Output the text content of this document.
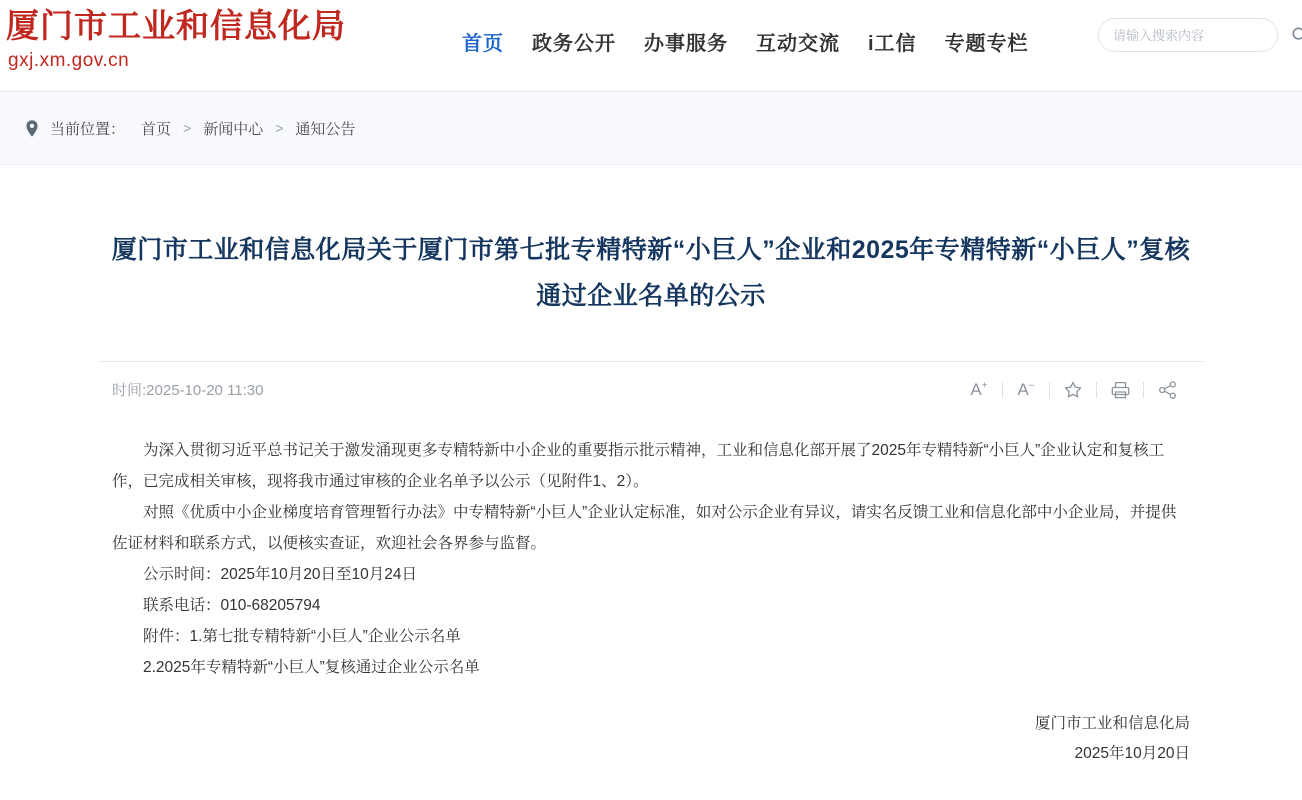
厦门市工业和信息化局
gxj.xm.gov.cn
首页 政务公开 办事服务 互动交流 i工信 专题专栏
请输入搜索内容
当前位置： 首页 > 新闻中心 > 通知公告
厦门市工业和信息化局关于厦门市第七批专精特新“小巨人”企业和2025年专精特新“小巨人”复核 通过企业名单的公示
时间:2025-10-20 11:30	A+ A−

为深入贯彻习近平总书记关于激发涌现更多专精特新中小企业的重要指示批示精神，工业和信息化部开展了2025年专精特新“小巨人”企业认定和复核工作，已完成相关审核，现将我市通过审核的企业名单予以公示（见附件1、2）。

对照《优质中小企业梯度培育管理暂行办法》中专精特新“小巨人”企业认定标准，如对公示企业有异议，请实名反馈工业和信息化部中小企业局，并提供佐证材料和联系方式，以便核实查证，欢迎社会各界参与监督。

公示时间：2025年10月20日至10月24日

联系电话：010-68205794

附件：1.第七批专精特新“小巨人”企业公示名单

2.2025年专精特新“小巨人”复核通过企业公示名单

厦门市工业和信息化局
2025年10月20日
